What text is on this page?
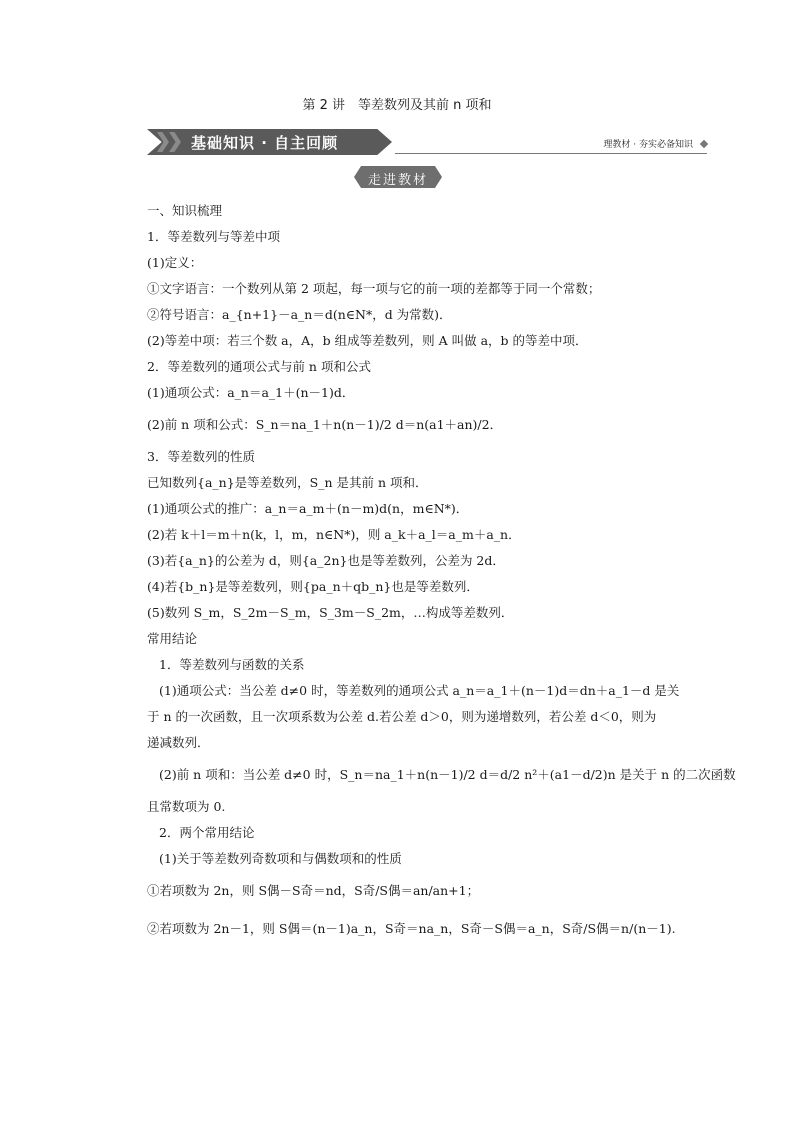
第 2 讲　等差数列及其前 n 项和
基础知识 · 自主回顾	理教材 · 夯实必备知识
走进教材
一、知识梳理
1．等差数列与等差中项
(1)定义：
①文字语言：一个数列从第 2 项起，每一项与它的前一项的差都等于同一个常数；
②符号语言：a_{n+1}－a_n＝d(n∈N*，d 为常数)．
(2)等差中项：若三个数 a，A，b 组成等差数列，则 A 叫做 a，b 的等差中项．
2．等差数列的通项公式与前 n 项和公式
(1)通项公式：a_n＝a_1＋(n－1)d．
(2)前 n 项和公式：S_n＝na_1＋n(n－1)/2 d＝n(a1＋an)/2．
3．等差数列的性质
已知数列{a_n}是等差数列，S_n 是其前 n 项和．
(1)通项公式的推广：a_n＝a_m＋(n－m)d(n，m∈N*)．
(2)若 k＋l＝m＋n(k，l，m，n∈N*)，则 a_k＋a_l＝a_m＋a_n．
(3)若{a_n}的公差为 d，则{a_2n}也是等差数列，公差为 2d．
(4)若{b_n}是等差数列，则{pa_n＋qb_n}也是等差数列．
(5)数列 S_m，S_2m－S_m，S_3m－S_2m，…构成等差数列．
常用结论
1．等差数列与函数的关系
(1)通项公式：当公差 d≠0 时，等差数列的通项公式 a_n＝a_1＋(n－1)d＝dn＋a_1－d 是关
于 n 的一次函数，且一次项系数为公差 d.若公差 d＞0，则为递增数列，若公差 d＜0，则为
递减数列．
(2)前 n 项和：当公差 d≠0 时，S_n＝na_1＋n(n－1)/2 d＝d/2 n²＋(a1－d/2)n 是关于 n 的二次函数
且常数项为 0.
2．两个常用结论
(1)关于等差数列奇数项和与偶数项和的性质
①若项数为 2n，则 S偶－S奇＝nd，S奇/S偶＝an/an+1；
②若项数为 2n－1，则 S偶＝(n－1)a_n，S奇＝na_n，S奇－S偶＝a_n，S奇/S偶＝n/(n－1).
